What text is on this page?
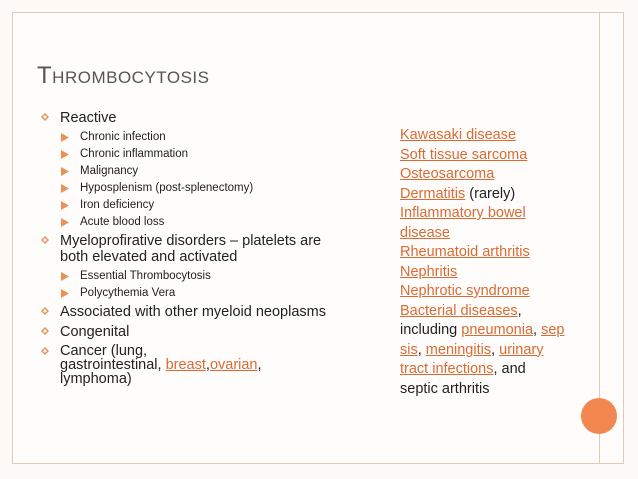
THROMBOCYTOSIS
Reactive
Chronic infection
Chronic inflammation
Malignancy
Hyposplenism (post-splenectomy)
Iron deficiency
Acute blood loss
Myeloprofirative disorders – platelets are
both elevated and activated
Essential Thrombocytosis
Polycythemia Vera
Associated with other myeloid neoplasms
Congenital
Cancer (lung,
gastrointestinal, breast,ovarian,
lymphoma)
Kawasaki disease
Soft tissue sarcoma
Osteosarcoma
Dermatitis (rarely)
Inflammatory bowel
disease
Rheumatoid arthritis
Nephritis
Nephrotic syndrome
Bacterial diseases,
including pneumonia, sep
sis, meningitis, urinary
tract infections, and
septic arthritis
